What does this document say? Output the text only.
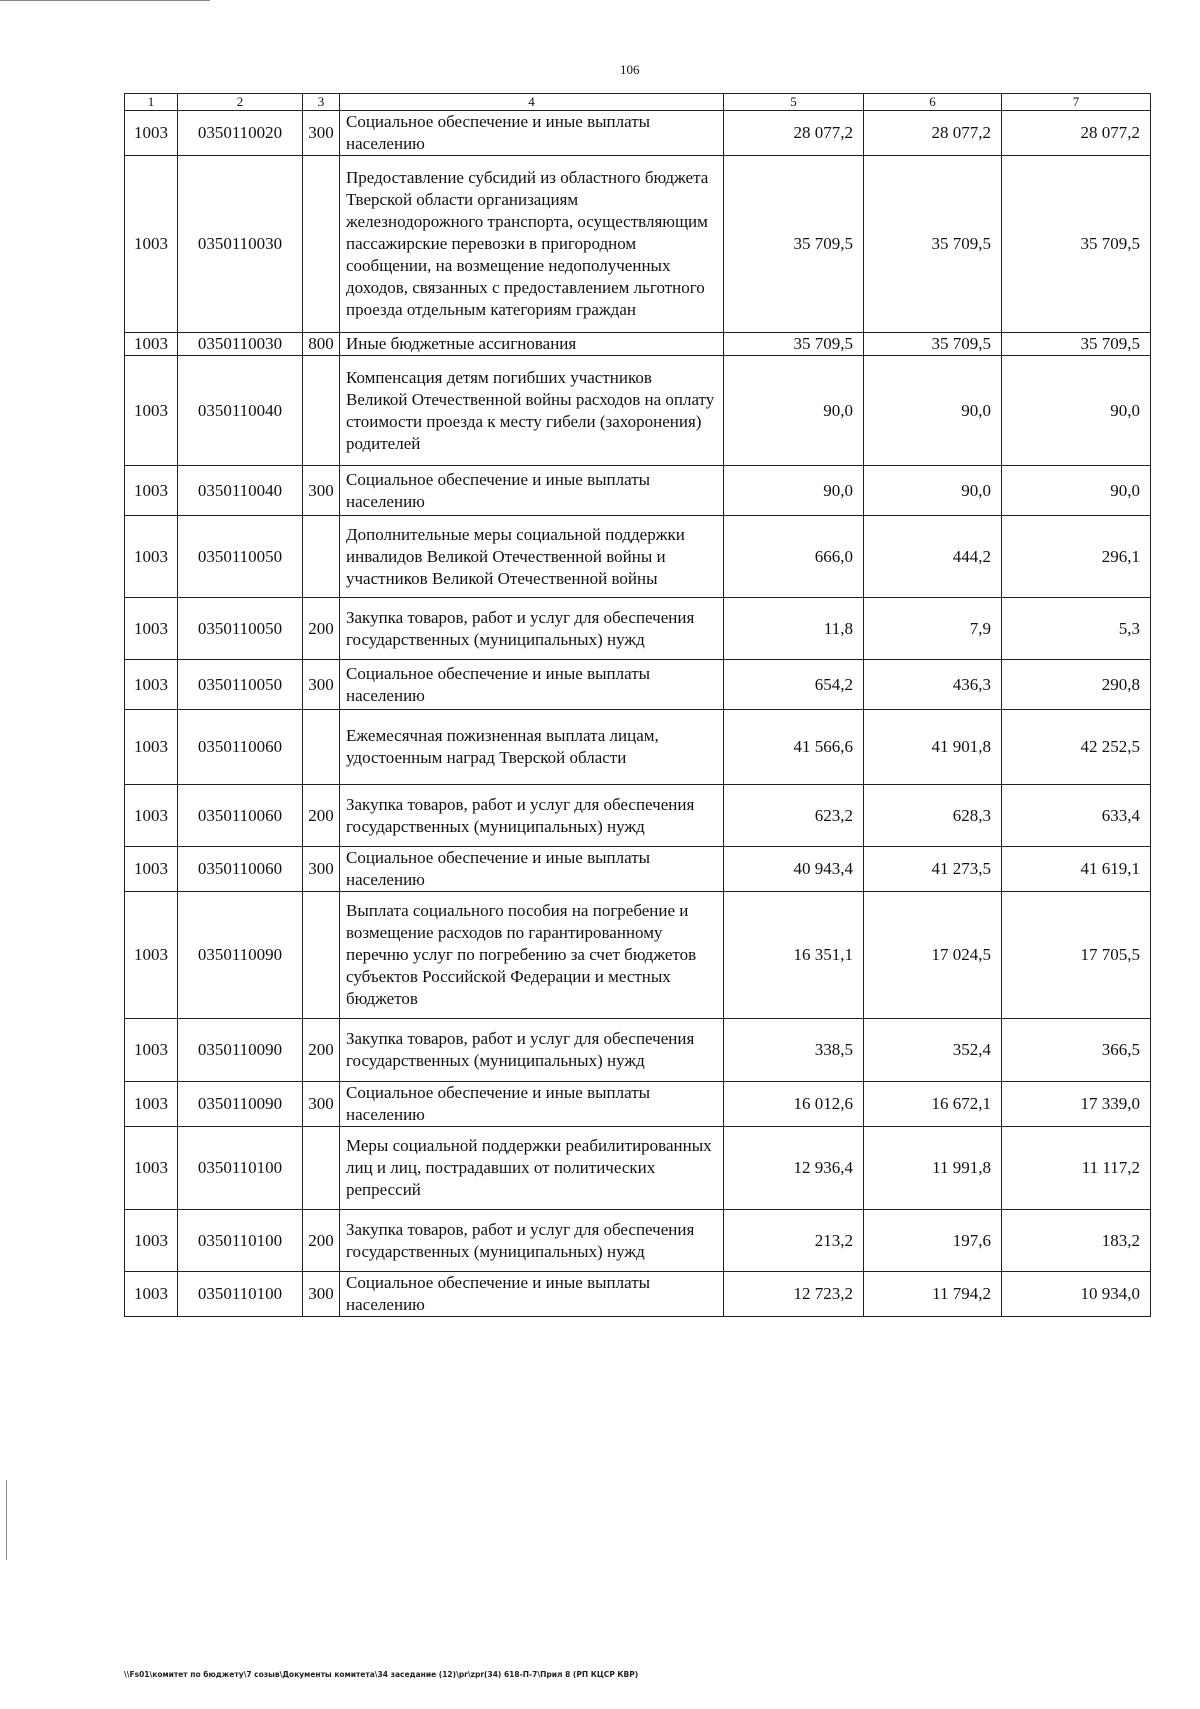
106
1	2	3	4	5	6	7
1003	0350110020	300	Социальное обеспечение и иные выплаты населению	28 077,2	28 077,2	28 077,2
1003	0350110030		Предоставление субсидий из областного бюджета Тверской области организациям железнодорожного транспорта, осуществляющим пассажирские перевозки в пригородном сообщении, на возмещение недополученных доходов, связанных с предоставлением льготного проезда отдельным категориям граждан	35 709,5	35 709,5	35 709,5
1003	0350110030	800	Иные бюджетные ассигнования	35 709,5	35 709,5	35 709,5
1003	0350110040		Компенсация детям погибших участников Великой Отечественной войны расходов на оплату стоимости проезда к месту гибели (захоронения) родителей	90,0	90,0	90,0
1003	0350110040	300	Социальное обеспечение и иные выплаты населению	90,0	90,0	90,0
1003	0350110050		Дополнительные меры социальной поддержки инвалидов Великой Отечественной войны и участников Великой Отечественной войны	666,0	444,2	296,1
1003	0350110050	200	Закупка товаров, работ и услуг для обеспечения государственных (муниципальных) нужд	11,8	7,9	5,3
1003	0350110050	300	Социальное обеспечение и иные выплаты населению	654,2	436,3	290,8
1003	0350110060		Ежемесячная пожизненная выплата лицам, удостоенным наград Тверской области	41 566,6	41 901,8	42 252,5
1003	0350110060	200	Закупка товаров, работ и услуг для обеспечения государственных (муниципальных) нужд	623,2	628,3	633,4
1003	0350110060	300	Социальное обеспечение и иные выплаты населению	40 943,4	41 273,5	41 619,1
1003	0350110090		Выплата социального пособия на погребение и возмещение расходов по гарантированному перечню услуг по погребению за счет бюджетов субъектов Российской Федерации и местных бюджетов	16 351,1	17 024,5	17 705,5
1003	0350110090	200	Закупка товаров, работ и услуг для обеспечения государственных (муниципальных) нужд	338,5	352,4	366,5
1003	0350110090	300	Социальное обеспечение и иные выплаты населению	16 012,6	16 672,1	17 339,0
1003	0350110100		Меры социальной поддержки реабилитированных лиц и лиц, пострадавших от политических репрессий	12 936,4	11 991,8	11 117,2
1003	0350110100	200	Закупка товаров, работ и услуг для обеспечения государственных (муниципальных) нужд	213,2	197,6	183,2
1003	0350110100	300	Социальное обеспечение и иные выплаты населению	12 723,2	11 794,2	10 934,0
\\Fs01\комитет по бюджету\7 созыв\Документы комитета\34 заседание (12)\pr\zpr(34) 618-П-7\Прил 8 (РП КЦСР КВР)
